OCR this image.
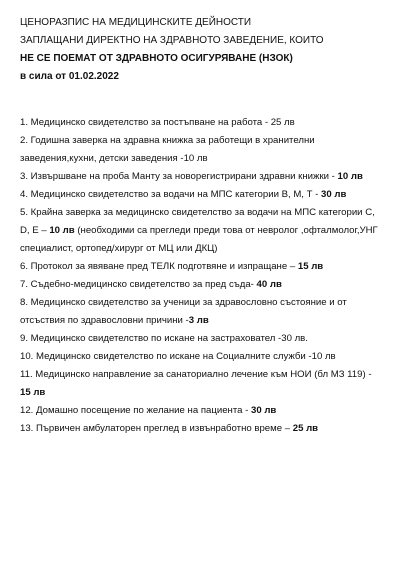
ЦЕНОРАЗПИС НА МЕДИЦИНСКИТЕ ДЕЙНОСТИ
ЗАПЛАЩАНИ ДИРЕКТНО НА ЗДРАВНОТО ЗАВЕДЕНИЕ, КОИТО
НЕ СЕ ПОЕМАТ ОТ ЗДРАВНОТО ОСИГУРЯВАНЕ (НЗОК)
в сила от 01.02.2022

1. Медицинско свидетелство за постъпване на работа - 25 лв

2. Годишна заверка на здравна книжка за работещи в хранителни заведения,кухни, детски заведения -10 лв

3. Извършване на проба Манту за новорегистрирани здравни книжки - 10 лв

4. Медицинско свидетелство за водачи на МПС категории В, М, Т - 30 лв

5. Крайна заверка за медицинско свидетелство за водачи на МПС категории С, D, Е – 10 лв (необходими са прегледи преди това от невролог ,офталмолог,УНГ специалист, ортопед/хирург от МЦ или ДКЦ)

6. Протокол за явяване пред ТЕЛК подготвяне и изпращане – 15 лв

7. Съдебно-медицинско свидетелство за пред съда- 40 лв

8. Медицинско свидетелство за ученици за здравословно състояние и от отсъствия по здравословни причини -3 лв

9. Медицинско свидетелство по искане на застраховател -30 лв.

10. Медицинско свидетелство по искане на Социалните служби -10 лв

11. Медицинско направление за санаториално лечение към НОИ (бл МЗ 119) - 15 лв

12. Домашно посещение по желание на пациента - 30 лв

13. Първичен амбулаторен преглед в извънработно време – 25 лв
